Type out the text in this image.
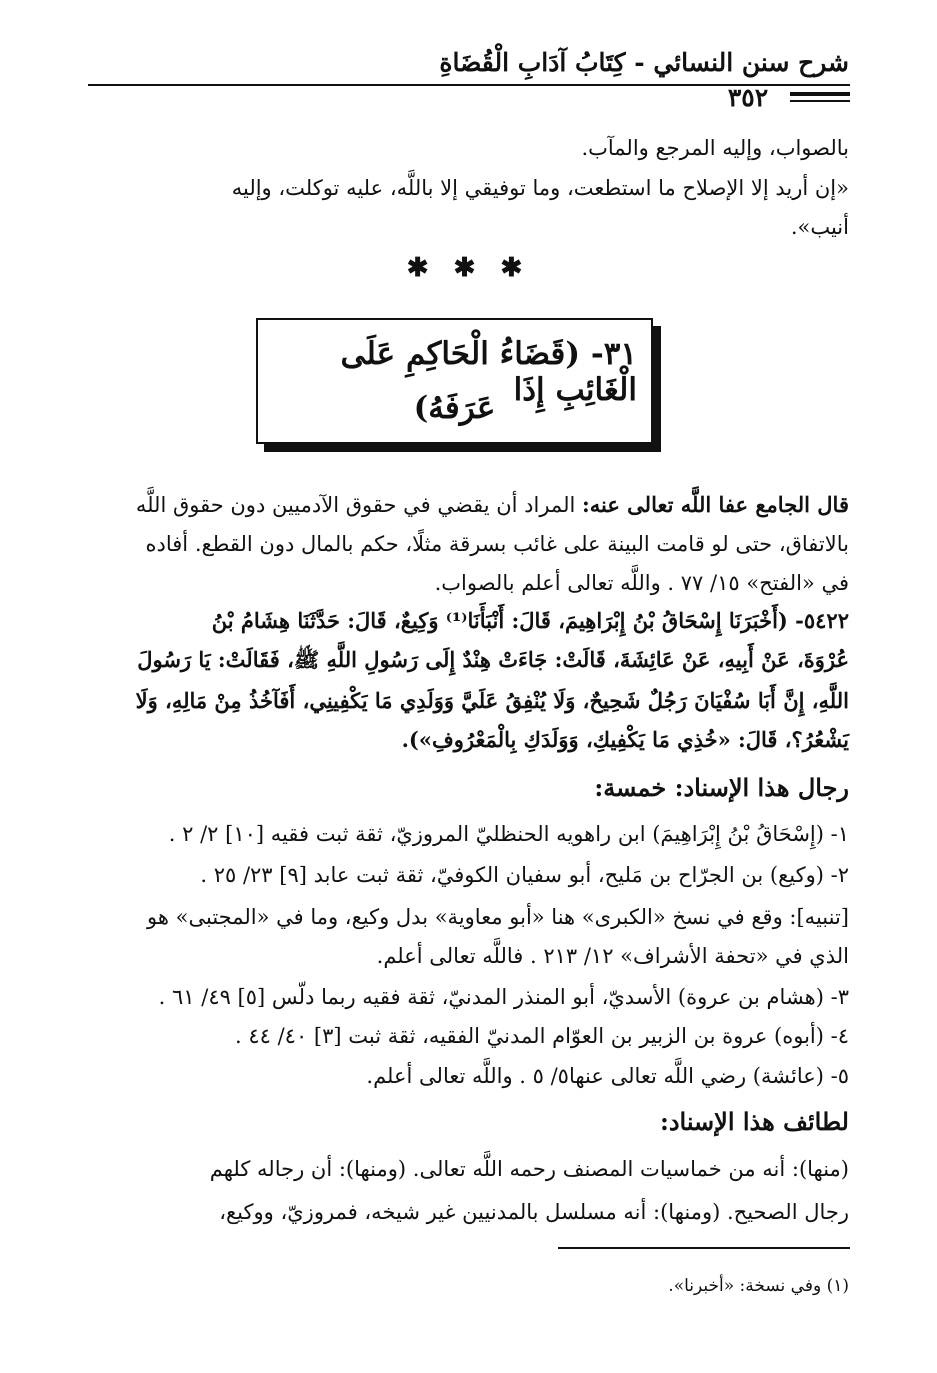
شرح سنن النسائي - كِتَابُ آدَابِ الْقُضَاةِ
٣٥٢
بالصواب، وإليه المرجع والمآب.
«إن أريد إلا الإصلاح ما استطعت، وما توفيقي إلا باللَّه، عليه توكلت، وإليه
أنيب».
✱ ✱ ✱
٣١- (قَضَاءُ الْحَاكِمِ عَلَى الْغَائِبِ إِذَا
عَرَفَهُ)
قال الجامع عفا اللَّه تعالى عنه: المراد أن يقضي في حقوق الآدميين دون حقوق اللَّه
بالاتفاق، حتى لو قامت البينة على غائب بسرقة مثلًا، حكم بالمال دون القطع. أفاده
في «الفتح» ١٥/ ٧٧ . واللَّه تعالى أعلم بالصواب.
٥٤٢٢- (أَخْبَرَنَا إِسْحَاقُ بْنُ إِبْرَاهِيمَ، قَالَ: أَنْبَأَنَا⁽¹⁾ وَكِيعٌ، قَالَ: حَدَّثَنَا هِشَامُ بْنُ
عُرْوَةَ، عَنْ أَبِيهِ، عَنْ عَائِشَةَ، قَالَتْ: جَاءَتْ هِنْدٌ إِلَى رَسُولِ اللَّهِ ﷺ، فَقَالَتْ: يَا رَسُولَ
اللَّهِ، إِنَّ أَبَا سُفْيَانَ رَجُلٌ شَحِيحٌ، وَلَا يُنْفِقُ عَلَيَّ وَوَلَدِي مَا يَكْفِينِي، أَفَآخُذُ مِنْ مَالِهِ، وَلَا
يَشْعُرُ؟، قَالَ: «خُذِي مَا يَكْفِيكِ، وَوَلَدَكِ بِالْمَعْرُوفِ»).
رجال هذا الإسناد: خمسة:
١- (إِسْحَاقُ بْنُ إِبْرَاهِيمَ) ابن راهويه الحنظليّ المروزيّ، ثقة ثبت فقيه [١٠] ٢/ ٢ .
٢- (وكيع) بن الجرّاح بن مَليح، أبو سفيان الكوفيّ، ثقة ثبت عابد [٩] ٢٣/ ٢٥ .
[تنبيه]: وقع في نسخ «الكبرى» هنا «أبو معاوية» بدل وكيع، وما في «المجتبى» هو
الذي في «تحفة الأشراف» ١٢/ ٢١٣ . فاللَّه تعالى أعلم.
٣- (هشام بن عروة) الأسديّ، أبو المنذر المدنيّ، ثقة فقيه ربما دلّس [٥] ٤٩/ ٦١ .
٤- (أبوه) عروة بن الزبير بن العوّام المدنيّ الفقيه، ثقة ثبت [٣] ٤٠/ ٤٤ .
٥- (عائشة) رضي اللَّه تعالى عنها٥/ ٥ . واللَّه تعالى أعلم.
لطائف هذا الإسناد:
(منها): أنه من خماسيات المصنف رحمه اللَّه تعالى. (ومنها): أن رجاله كلهم
رجال الصحيح. (ومنها): أنه مسلسل بالمدنيين غير شيخه، فمروزيّ، ووكيع،
(١) وفي نسخة: «أخبرنا».
